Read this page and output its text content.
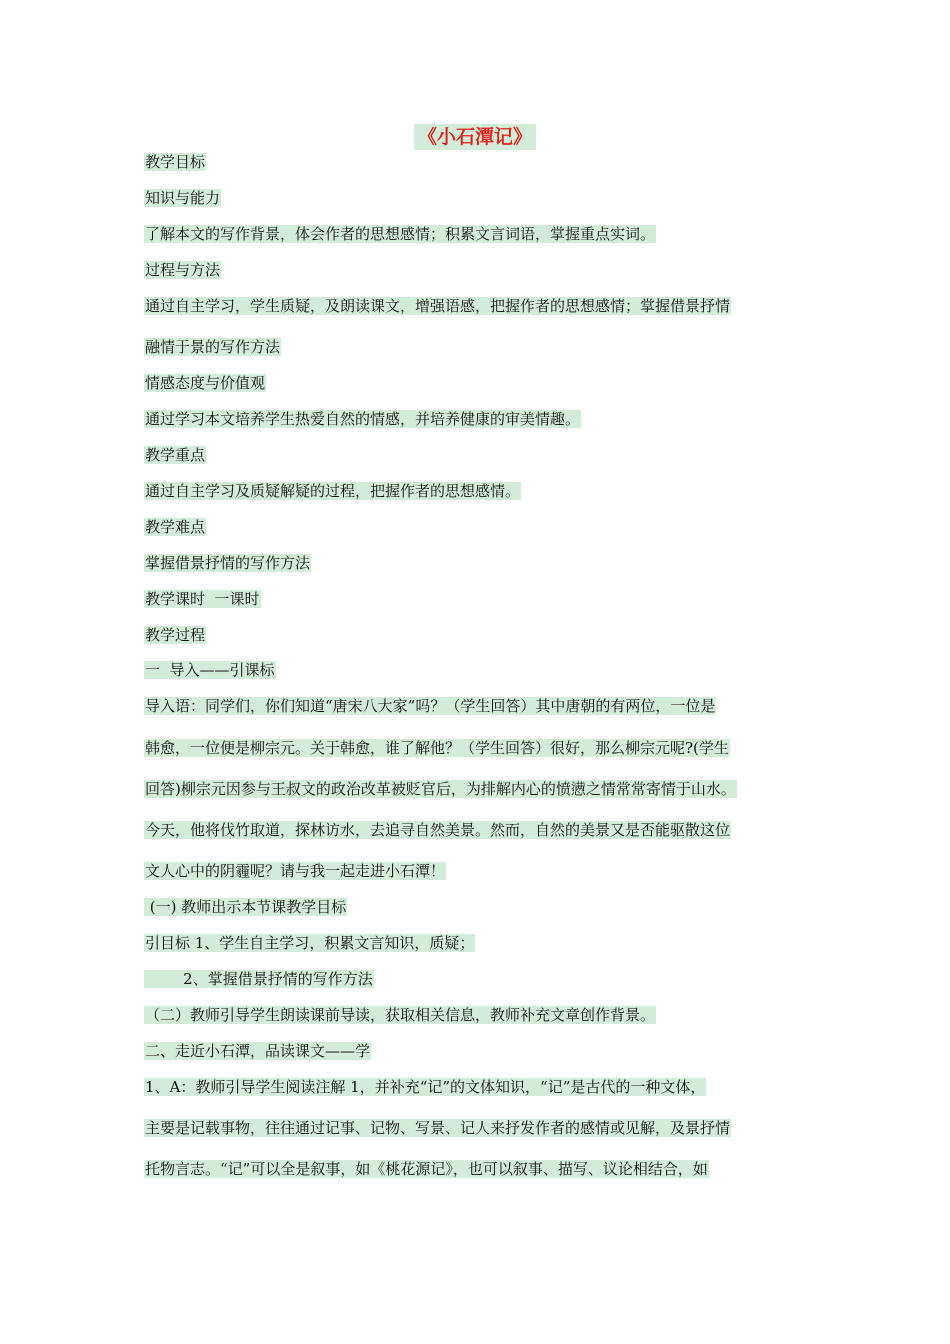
《小石潭记》
教学目标
知识与能力
了解本文的写作背景，体会作者的思想感情；积累文言词语，掌握重点实词。
过程与方法
通过自主学习，学生质疑，及朗读课文，增强语感，把握作者的思想感情；掌握借景抒情
融情于景的写作方法
情感态度与价值观
通过学习本文培养学生热爱自然的情感，并培养健康的审美情趣。
教学重点
通过自主学习及质疑解疑的过程，把握作者的思想感情。
教学难点
掌握借景抒情的写作方法
教学课时  一课时
教学过程
一  导入——引课标
导入语：同学们，你们知道“唐宋八大家”吗？（学生回答）其中唐朝的有两位，一位是
韩愈，一位便是柳宗元。关于韩愈，谁了解他？（学生回答）很好，那么柳宗元呢?(学生
回答)柳宗元因参与王叔文的政治改革被贬官后，为排解内心的愤懑之情常常寄情于山水。
今天，他将伐竹取道，探林访水，去追寻自然美景。然而，自然的美景又是否能驱散这位
文人心中的阴霾呢？请与我一起走进小石潭！
(一) 教师出示本节课教学目标
引目标 1、学生自主学习，积累文言知识，质疑；
2、掌握借景抒情的写作方法
（二）教师引导学生朗读课前导读，获取相关信息，教师补充文章创作背景。
二、走近小石潭，品读课文——学
1、A：教师引导学生阅读注解 1，并补充“记”的文体知识，“记”是古代的一种文体，
主要是记载事物，往往通过记事、记物、写景、记人来抒发作者的感情或见解，及景抒情
托物言志。“记”可以全是叙事，如《桃花源记》，也可以叙事、描写、议论相结合，如
